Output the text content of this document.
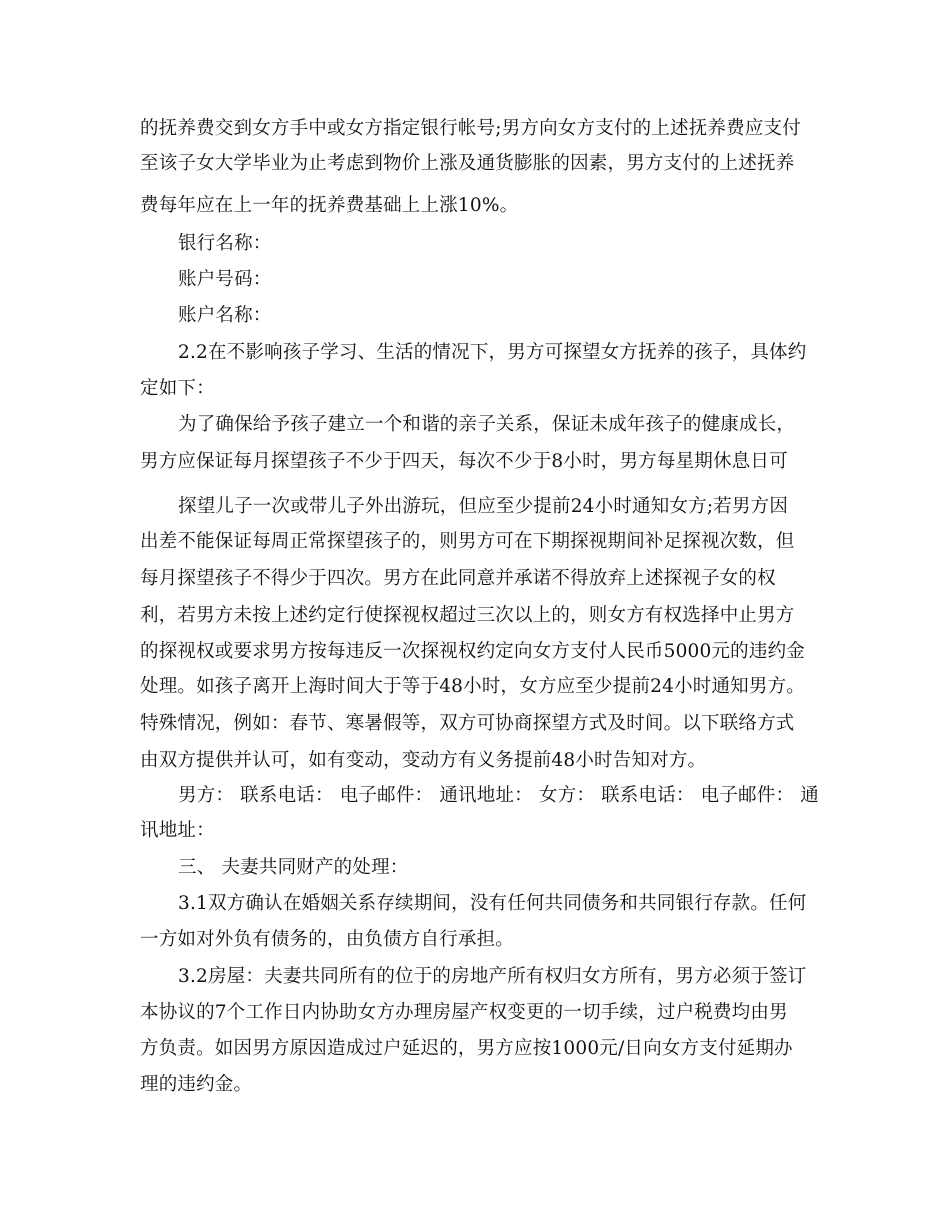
的抚养费交到女方手中或女方指定银行帐号;男方向女方支付的上述抚养费应支付
至该子女大学毕业为止考虑到物价上涨及通货膨胀的因素，男方支付的上述抚养
费每年应在上一年的抚养费基础上上涨10%。
银行名称：
账户号码：
账户名称：
2.2在不影响孩子学习、生活的情况下，男方可探望女方抚养的孩子，具体约
定如下：
为了确保给予孩子建立一个和谐的亲子关系，保证未成年孩子的健康成长，
男方应保证每月探望孩子不少于四天，每次不少于8小时，男方每星期休息日可
探望儿子一次或带儿子外出游玩，但应至少提前24小时通知女方;若男方因
出差不能保证每周正常探望孩子的，则男方可在下期探视期间补足探视次数，但
每月探望孩子不得少于四次。男方在此同意并承诺不得放弃上述探视子女的权
利，若男方未按上述约定行使探视权超过三次以上的，则女方有权选择中止男方
的探视权或要求男方按每违反一次探视权约定向女方支付人民币5000元的违约金
处理。如孩子离开上海时间大于等于48小时，女方应至少提前24小时通知男方。
特殊情况，例如：春节、寒暑假等，双方可协商探望方式及时间。以下联络方式
由双方提供并认可，如有变动，变动方有义务提前48小时告知对方。
男方： 联系电话： 电子邮件： 通讯地址： 女方： 联系电话： 电子邮件： 通
讯地址：
三、 夫妻共同财产的处理：
3.1双方确认在婚姻关系存续期间，没有任何共同债务和共同银行存款。任何
一方如对外负有债务的，由负债方自行承担。
3.2房屋：夫妻共同所有的位于的房地产所有权归女方所有，男方必须于签订
本协议的7个工作日内协助女方办理房屋产权变更的一切手续，过户税费均由男
方负责。如因男方原因造成过户延迟的，男方应按1000元/日向女方支付延期办
理的违约金。
